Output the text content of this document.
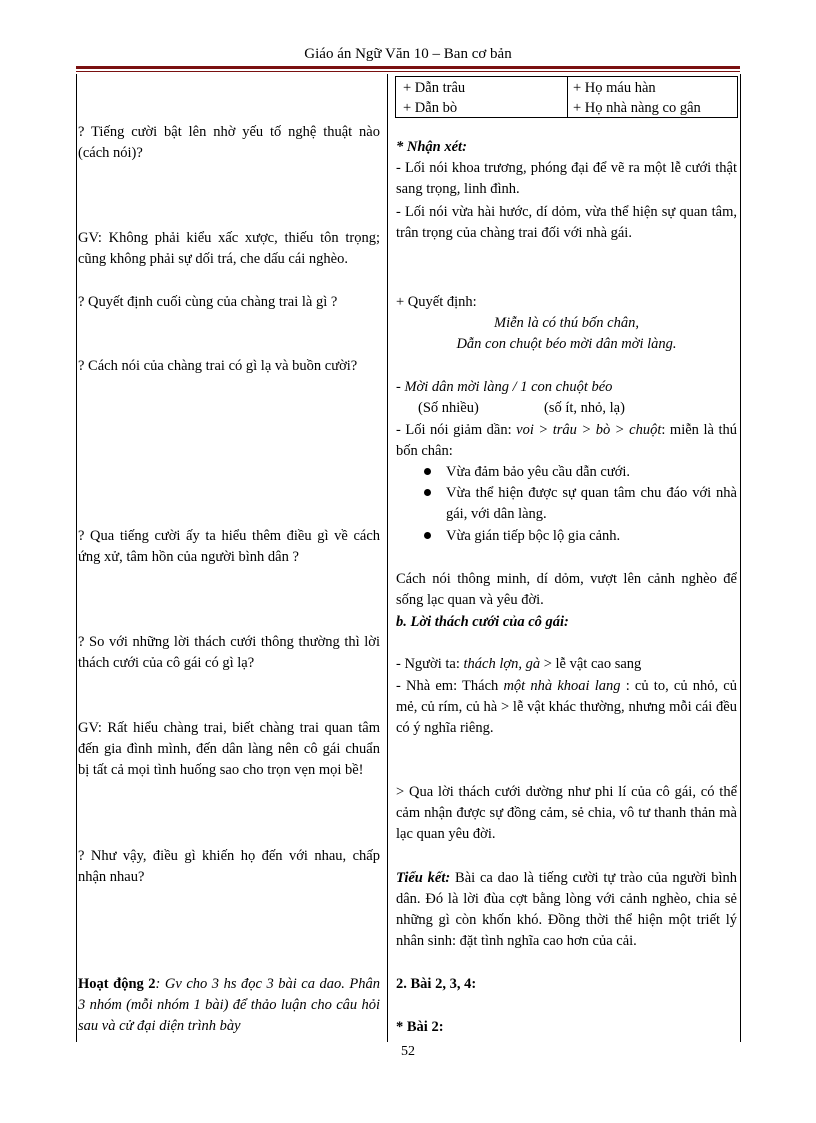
Giáo án Ngữ Văn 10 – Ban cơ bản
? Tiếng cười bật lên nhờ yếu tố nghệ thuật nào (cách nói)?
GV: Không phải kiểu xấc xược, thiếu tôn trọng; cũng không phải sự dối trá, che dấu cái nghèo.
? Quyết định cuối cùng của chàng trai là gì ?
? Cách nói của chàng trai có gì lạ và buồn cười?
? Qua tiếng cười ấy ta hiểu thêm điều gì về cách ứng xử, tâm hồn của người bình dân ?
? So với những lời thách cưới thông thường thì lời thách cưới của cô gái có gì lạ?
GV: Rất hiểu chàng trai, biết chàng trai quan tâm đến gia đình mình, đến dân làng nên cô gái chuẩn bị tất cả mọi tình huống sao cho trọn vẹn mọi bề!
? Như vậy, điều gì khiến họ đến với nhau, chấp nhận nhau?
Hoạt động 2: Gv cho 3 hs đọc 3 bài ca dao. Phân 3 nhóm (mỗi nhóm 1 bài) để thảo luận cho câu hỏi sau và cử đại diện trình bày
+ Dẫn trâu
+ Dẫn bò
+ Họ máu hàn
+ Họ nhà nàng co gân
* Nhận xét:
- Lối nói khoa trương, phóng đại để vẽ ra một lễ cưới thật sang trọng, linh đình.
- Lối nói vừa hài hước, dí dỏm, vừa thể hiện sự quan tâm, trân trọng của chàng trai đối với nhà gái.
+ Quyết định:
Miễn là có thú bốn chân,
Dẫn con chuột béo mời dân mời làng.
- Mời dân mời làng / 1 con chuột béo
(Số nhiều)	(số ít, nhỏ, lạ)
- Lối nói giảm dần: voi > trâu > bò > chuột: miễn là thú bốn chân:
Vừa đảm bảo yêu cầu dẫn cưới.
Vừa thể hiện được sự quan tâm chu đáo với nhà gái, với dân làng.
Vừa gián tiếp bộc lộ gia cảnh.
Cách nói thông minh, dí dỏm, vượt lên cảnh nghèo để sống lạc quan và yêu đời.
b. Lời thách cưới của cô gái:
- Người ta: thách lợn, gà > lễ vật cao sang
- Nhà em: Thách một nhà khoai lang : củ to, củ nhỏ, củ mẻ, củ rím, củ hà > lễ vật khác thường, nhưng mỗi cái đều có ý nghĩa riêng.
> Qua lời thách cưới dường như phi lí của cô gái, có thể cảm nhận được sự đồng cảm, sẻ chia, vô tư thanh thản mà lạc quan yêu đời.
Tiểu kết: Bài ca dao là tiếng cười tự trào của người bình dân. Đó là lời đùa cợt bằng lòng với cảnh nghèo, chia sẻ những gì còn khốn khó. Đồng thời thể hiện một triết lý nhân sinh: đặt tình nghĩa cao hơn của cải.
2. Bài 2, 3, 4:
* Bài 2:
52
